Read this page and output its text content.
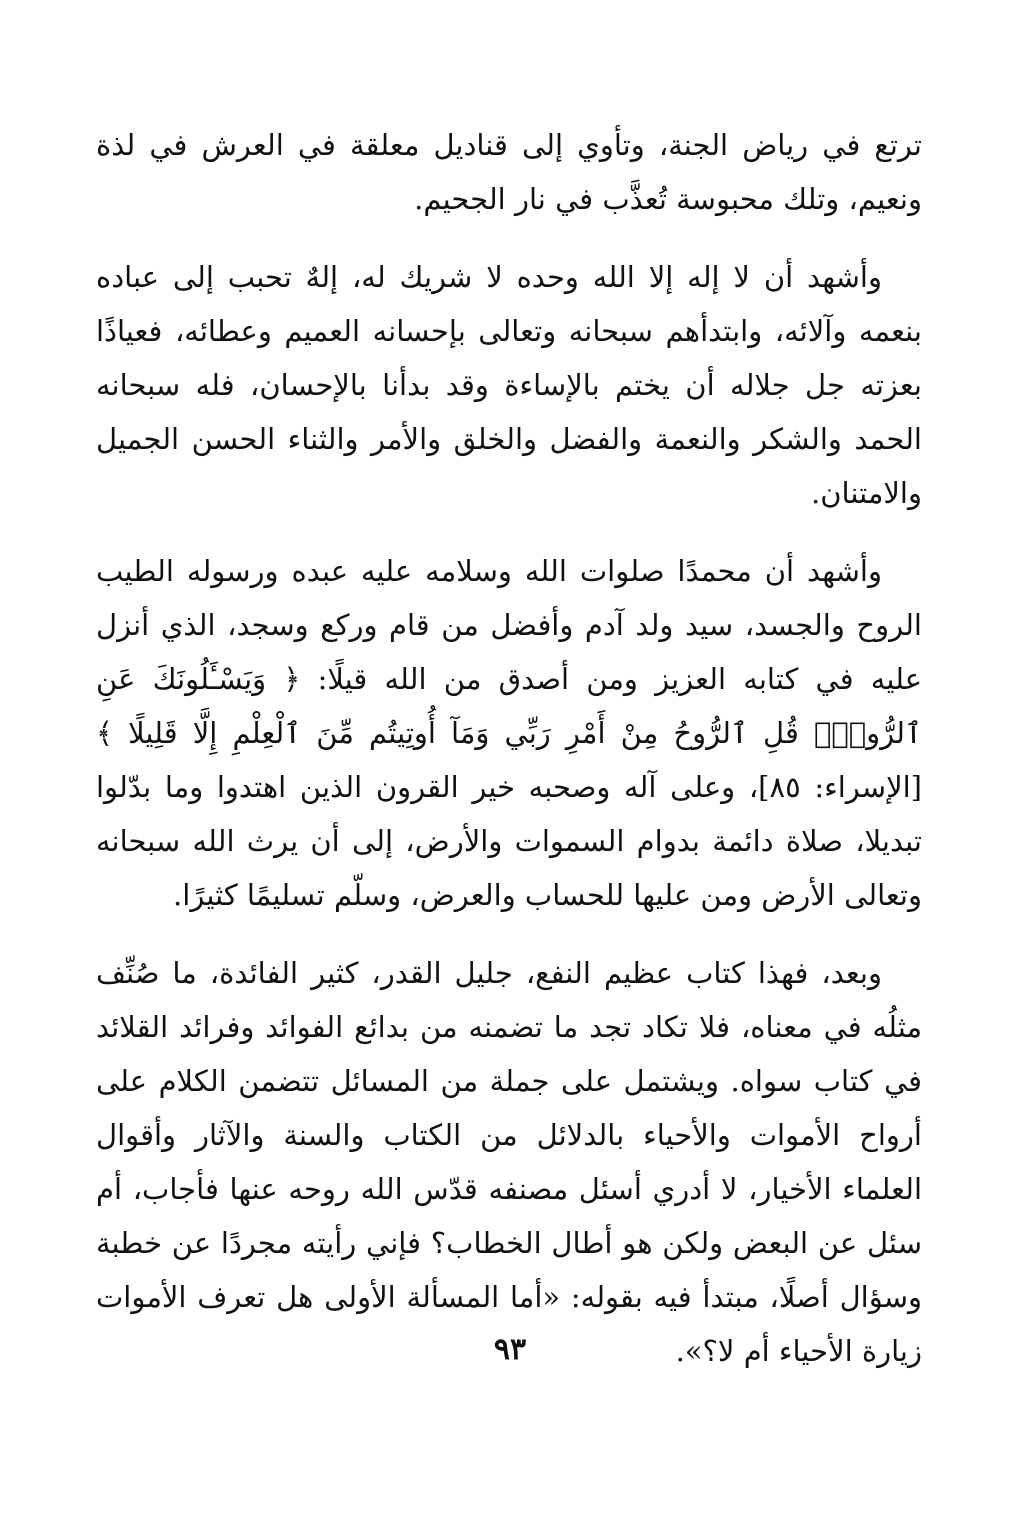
ترتع في رياض الجنة، وتأوي إلى قناديل معلقة في العرش في لذة ونعيم، وتلك محبوسة تُعذَّب في نار الجحيم.

وأشهد أن لا إله إلا الله وحده لا شريك له، إلهٌ تحبب إلى عباده بنعمه وآلائه، وابتدأهم سبحانه وتعالى بإحسانه العميم وعطائه، فعياذًا بعزته جل جلاله أن يختم بالإساءة وقد بدأنا بالإحسان، فله سبحانه الحمد والشكر والنعمة والفضل والخلق والأمر والثناء الحسن الجميل والامتنان.

وأشهد أن محمدًا صلوات الله وسلامه عليه عبده ورسوله الطيب الروح والجسد، سيد ولد آدم وأفضل من قام وركع وسجد، الذي أنزل عليه في كتابه العزيز ومن أصدق من الله قيلًا: ﴿ وَيَسْـَٔلُونَكَ عَنِ ٱلرُّوحِۖ قُلِ ٱلرُّوحُ مِنْ أَمْرِ رَبِّي وَمَآ أُوتِيتُم مِّنَ ٱلْعِلْمِ إِلَّا قَلِيلًا ﴾ [الإسراء: ٨٥]، وعلى آله وصحبه خير القرون الذين اهتدوا وما بدّلوا تبديلا، صلاة دائمة بدوام السموات والأرض، إلى أن يرث الله سبحانه وتعالى الأرض ومن عليها للحساب والعرض، وسلّم تسليمًا كثيرًا.

وبعد، فهذا كتاب عظيم النفع، جليل القدر، كثير الفائدة، ما صُنِّف مثلُه في معناه، فلا تكاد تجد ما تضمنه من بدائع الفوائد وفرائد القلائد في كتاب سواه. ويشتمل على جملة من المسائل تتضمن الكلام على أرواح الأموات والأحياء بالدلائل من الكتاب والسنة والآثار وأقوال العلماء الأخيار، لا أدري أسئل مصنفه قدّس الله روحه عنها فأجاب، أم سئل عن البعض ولكن هو أطال الخطاب؟ فإني رأيته مجردًا عن خطبة وسؤال أصلًا، مبتدأ فيه بقوله: «أما المسألة الأولى هل تعرف الأموات زيارة الأحياء أم لا؟».

٩٣
